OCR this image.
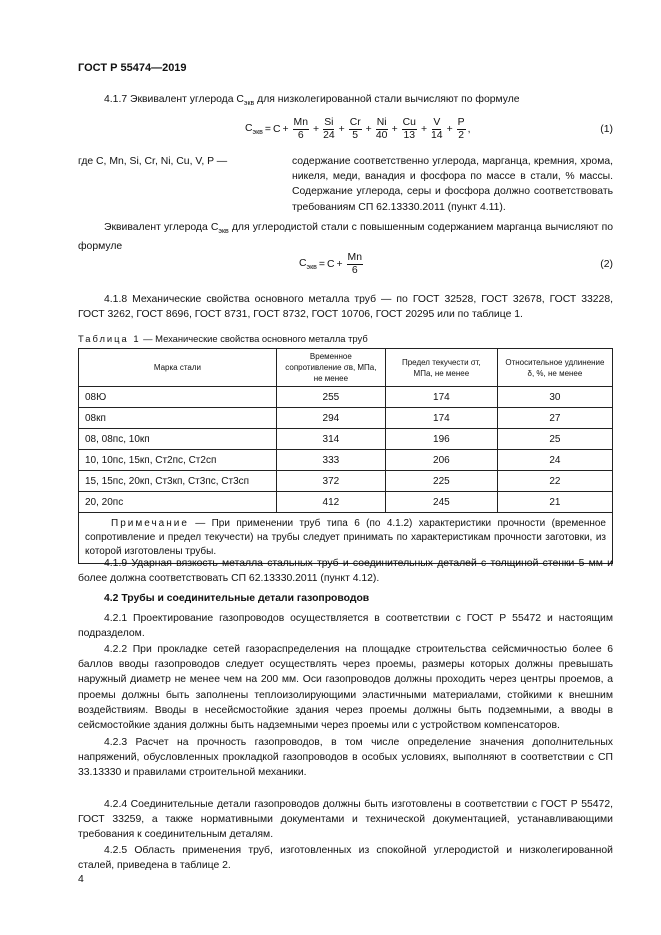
ГОСТ Р 55474—2019
4.1.7 Эквивалент углерода $C_{экв}$ для низколегированной стали вычисляют по формуле
$C_{экв} = C + \frac{Mn}{6} + \frac{Si}{24} + \frac{Cr}{5} + \frac{Ni}{40} + \frac{Cu}{13} + \frac{V}{14} + \frac{P}{2}$ ,	(1)
где C, Mn, Si, Cr, Ni, Cu, V, P —	содержание соответственно углерода, марганца, кремния, хрома, никеля, меди, ванадия и фосфора по массе в стали, % массы. Содержание углерода, серы и фосфора должно соответствовать требованиям СП 62.13330.2011 (пункт 4.11).
Эквивалент углерода $C_{экв}$ для углеродистой стали с повышенным содержанием марганца вычисляют по формуле
$C_{экв} = C + \frac{Mn}{6}$	(2)
4.1.8 Механические свойства основного металла труб — по ГОСТ 32528, ГОСТ 32678, ГОСТ 33228, ГОСТ 3262, ГОСТ 8696, ГОСТ 8731, ГОСТ 8732, ГОСТ 10706, ГОСТ 20295 или по таблице 1.
Таблица 1 — Механические свойства основного металла труб
Марка стали	Временное сопротивление σв, МПа, не менее	Предел текучести σт, МПа, не менее	Относительное удлинение δ, %, не менее
08Ю	255	174	30
08кп	294	174	27
08, 08пс, 10кп	314	196	25
10, 10пс, 15кп, Ст2пс, Ст2сп	333	206	24
15, 15пс, 20кп, Ст3кп, Ст3пс, Ст3сп	372	225	22
20, 20пс	412	245	21
Примечание — При применении труб типа 6 (по 4.1.2) характеристики прочности (временное сопротивление и предел текучести) на трубы следует принимать по характеристикам прочности заготовки, из которой изготовлены трубы.			
4.1.9 Ударная вязкость металла стальных труб и соединительных деталей с толщиной стенки 5 мм и более должна соответствовать СП 62.13330.2011 (пункт 4.12).
4.2 Трубы и соединительные детали газопроводов
4.2.1 Проектирование газопроводов осуществляется в соответствии с ГОСТ Р 55472 и настоящим подразделом.
4.2.2 При прокладке сетей газораспределения на площадке строительства сейсмичностью более 6 баллов вводы газопроводов следует осуществлять через проемы, размеры которых должны превышать наружный диаметр не менее чем на 200 мм. Оси газопроводов должны проходить через центры проемов, а проемы должны быть заполнены теплоизолирующими эластичными материалами, стойкими к внешним воздействиям. Вводы в несейсмостойкие здания через проемы должны быть подземными, а вводы в сейсмостойкие здания должны быть надземными через проемы или с устройством компенсаторов.
4.2.3 Расчет на прочность газопроводов, в том числе определение значения дополнительных напряжений, обусловленных прокладкой газопроводов в особых условиях, выполняют в соответствии с СП 33.13330 и правилами строительной механики.
4.2.4 Соединительные детали газопроводов должны быть изготовлены в соответствии с ГОСТ Р 55472, ГОСТ 33259, а также нормативными документами и технической документацией, устанавливающими требования к соединительным деталям.
4.2.5 Область применения труб, изготовленных из спокойной углеродистой и низколегированной сталей, приведена в таблице 2.
4
